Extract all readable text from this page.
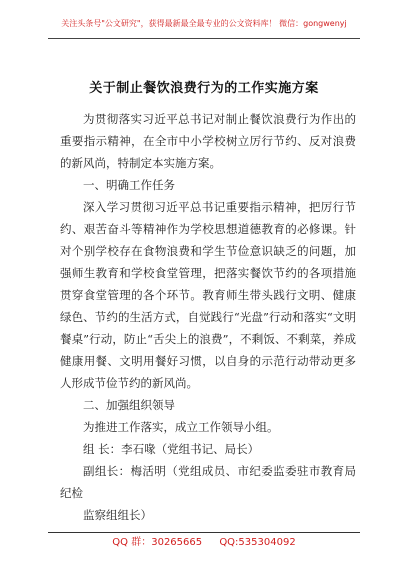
关注头条号"公文研究"，获得最新最全最专业的公文资料库！ 微信：gongwenyj
关于制止餐饮浪费行为的工作实施方案

为贯彻落实习近平总书记对制止餐饮浪费行为作出的重要指示精神，在全市中小学校树立厉行节约、反对浪费的新风尚，特制定本实施方案。

一、明确工作任务

深入学习贯彻习近平总书记重要指示精神，把厉行节约、艰苦奋斗等精神作为学校思想道德教育的必修课。针对个别学校存在食物浪费和学生节俭意识缺乏的问题，加强师生教育和学校食堂管理，把落实餐饮节约的各项措施贯穿食堂管理的各个环节。教育师生带头践行文明、健康绿色、节约的生活方式，自觉践行“光盘”行动和落实“文明餐桌”行动，防止“舌尖上的浪费”，不剩饭、不剩菜，养成健康用餐、文明用餐好习惯，以自身的示范行动带动更多人形成节俭节约的新风尚。

二、加强组织领导

为推进工作落实，成立工作领导小组。

组 长：李石喙（党组书记、局长）

副组长：梅活明（党组成员、市纪委监委驻市教育局纪检

监察组组长）

QQ 群：30265665 QQ:535304092
